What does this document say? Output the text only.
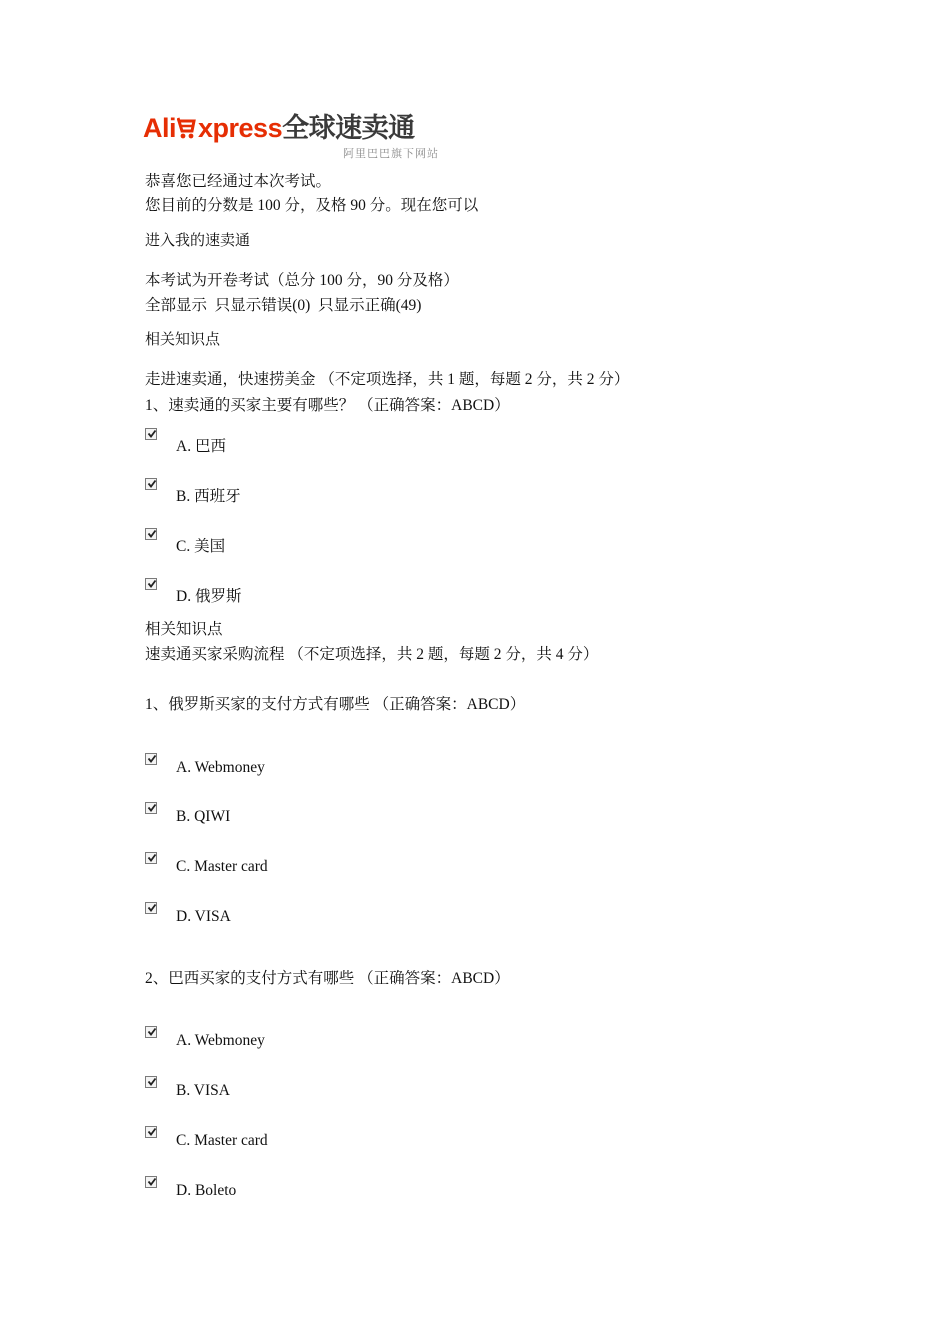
Ali xpress全球速卖通
阿里巴巴旗下网站
恭喜您已经通过本次考试。
您目前的分数是 100 分，及格 90 分。现在您可以
进入我的速卖通
本考试为开卷考试（总分 100 分，90 分及格）
全部显示 只显示错误(0) 只显示正确(49)
相关知识点
走进速卖通，快速捞美金 （不定项选择，共 1 题，每题 2 分，共 2 分）
1、速卖通的买家主要有哪些？ （正确答案：ABCD）
A. 巴西
B. 西班牙
C. 美国
D. 俄罗斯
相关知识点
速卖通买家采购流程 （不定项选择，共 2 题，每题 2 分，共 4 分）
1、俄罗斯买家的支付方式有哪些 （正确答案：ABCD）
A. Webmoney
B. QIWI
C. Master card
D. VISA
2、巴西买家的支付方式有哪些 （正确答案：ABCD）
A. Webmoney
B. VISA
C. Master card
D. Boleto
